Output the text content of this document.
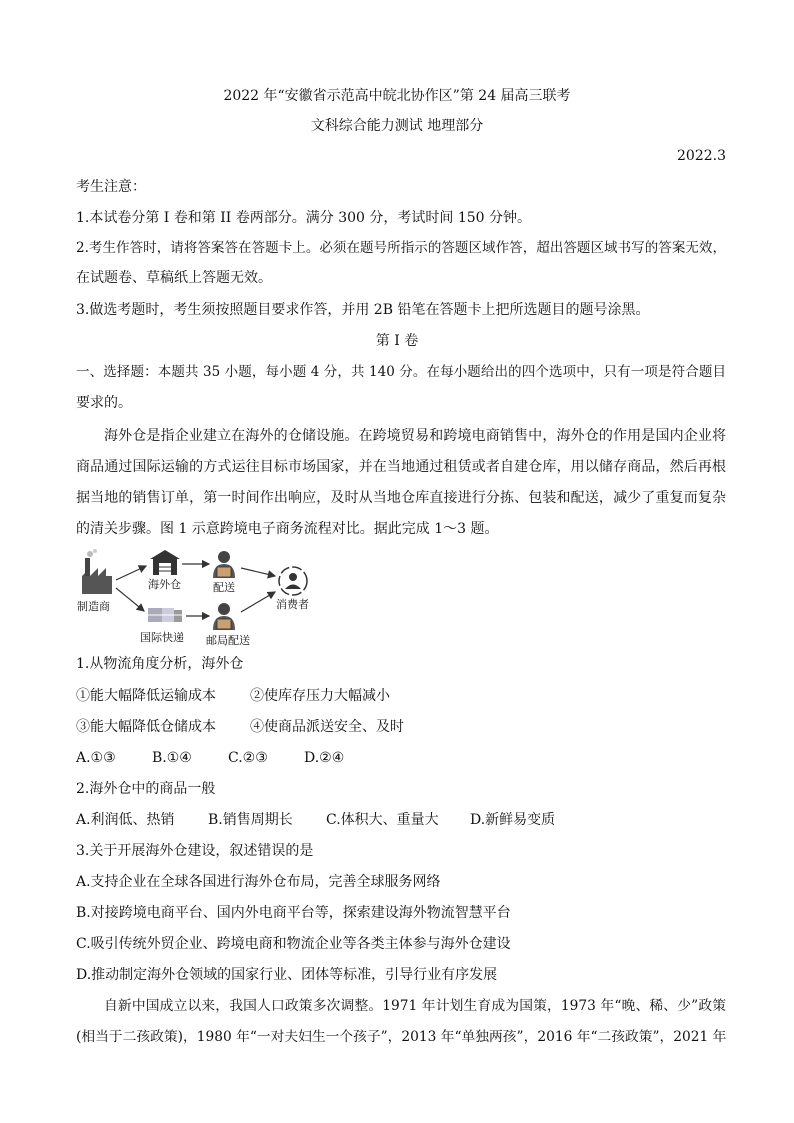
2022 年“安徽省示范高中皖北协作区”第 24 届高三联考
文科综合能力测试 地理部分
2022.3
考生注意：
1.本试卷分第 I 卷和第 II 卷两部分。满分 300 分，考试时间 150 分钟。
2.考生作答时，请将答案答在答题卡上。必须在题号所指示的答题区域作答，超出答题区域书写的答案无效，
在试题卷、草稿纸上答题无效。
3.做选考题时，考生须按照题目要求作答，并用 2B 铅笔在答题卡上把所选题目的题号涂黑。
第 I 卷
一、选择题：本题共 35 小题，每小题 4 分，共 140 分。在每小题给出的四个选项中，只有一项是符合题目
要求的。
海外仓是指企业建立在海外的仓储设施。在跨境贸易和跨境电商销售中，海外仓的作用是国内企业将
商品通过国际运输的方式运往目标市场国家，并在当地通过租赁或者自建仓库，用以储存商品，然后再根
据当地的销售订单，第一时间作出响应，及时从当地仓库直接进行分拣、包装和配送，减少了重复而复杂
的清关步骤。图 1 示意跨境电子商务流程对比。据此完成 1～3 题。
制造商
海外仓	配送
消费者
国际快递 邮局配送
1.从物流角度分析，海外仓
①能大幅降低运输成本 ②使库存压力大幅减小
③能大幅降低仓储成本 ④使商品派送安全、及时
A.①③	B.①④	C.②③	D.②④
2.海外仓中的商品一般
A.利润低、热销 B.销售周期长 C.体积大、重量大 D.新鲜易变质
3.关于开展海外仓建设，叙述错误的是
A.支持企业在全球各国进行海外仓布局，完善全球服务网络
B.对接跨境电商平台、国内外电商平台等，探索建设海外物流智慧平台
C.吸引传统外贸企业、跨境电商和物流企业等各类主体参与海外仓建设
D.推动制定海外仓领域的国家行业、团体等标准，引导行业有序发展
自新中国成立以来，我国人口政策多次调整。1971 年计划生育成为国策，1973 年“晚、稀、少”政策
(相当于二孩政策)，1980 年“一对夫妇生一个孩子”，2013 年“单独两孩”，2016 年“二孩政策”，2021 年
